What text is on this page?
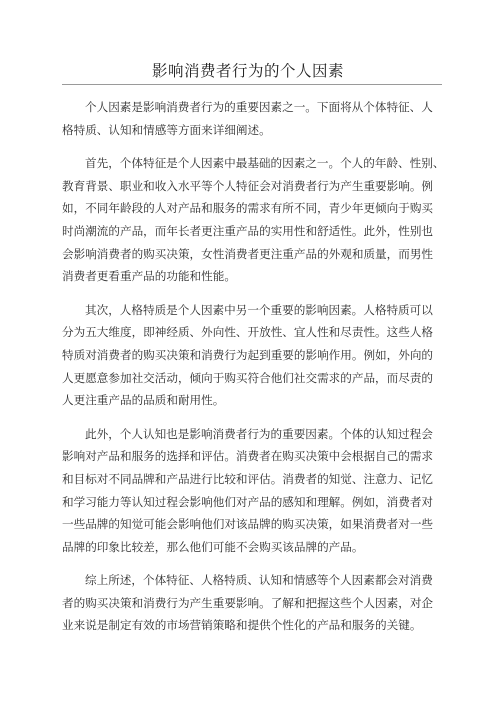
影响消费者行为的个人因素

个人因素是影响消费者行为的重要因素之一。下面将从个体特征、人
格特质、认知和情感等方面来详细阐述。

首先，个体特征是个人因素中最基础的因素之一。个人的年龄、性别、
教育背景、职业和收入水平等个人特征会对消费者行为产生重要影响。例
如，不同年龄段的人对产品和服务的需求有所不同，青少年更倾向于购买
时尚潮流的产品，而年长者更注重产品的实用性和舒适性。此外，性别也
会影响消费者的购买决策，女性消费者更注重产品的外观和质量，而男性
消费者更看重产品的功能和性能。

其次，人格特质是个人因素中另一个重要的影响因素。人格特质可以
分为五大维度，即神经质、外向性、开放性、宜人性和尽责性。这些人格
特质对消费者的购买决策和消费行为起到重要的影响作用。例如，外向的
人更愿意参加社交活动，倾向于购买符合他们社交需求的产品，而尽责的
人更注重产品的品质和耐用性。

此外，个人认知也是影响消费者行为的重要因素。个体的认知过程会
影响对产品和服务的选择和评估。消费者在购买决策中会根据自己的需求
和目标对不同品牌和产品进行比较和评估。消费者的知觉、注意力、记忆
和学习能力等认知过程会影响他们对产品的感知和理解。例如，消费者对
一些品牌的知觉可能会影响他们对该品牌的购买决策，如果消费者对一些
品牌的印象比较差，那么他们可能不会购买该品牌的产品。

综上所述，个体特征、人格特质、认知和情感等个人因素都会对消费
者的购买决策和消费行为产生重要影响。了解和把握这些个人因素，对企
业来说是制定有效的市场营销策略和提供个性化的产品和服务的关键。
